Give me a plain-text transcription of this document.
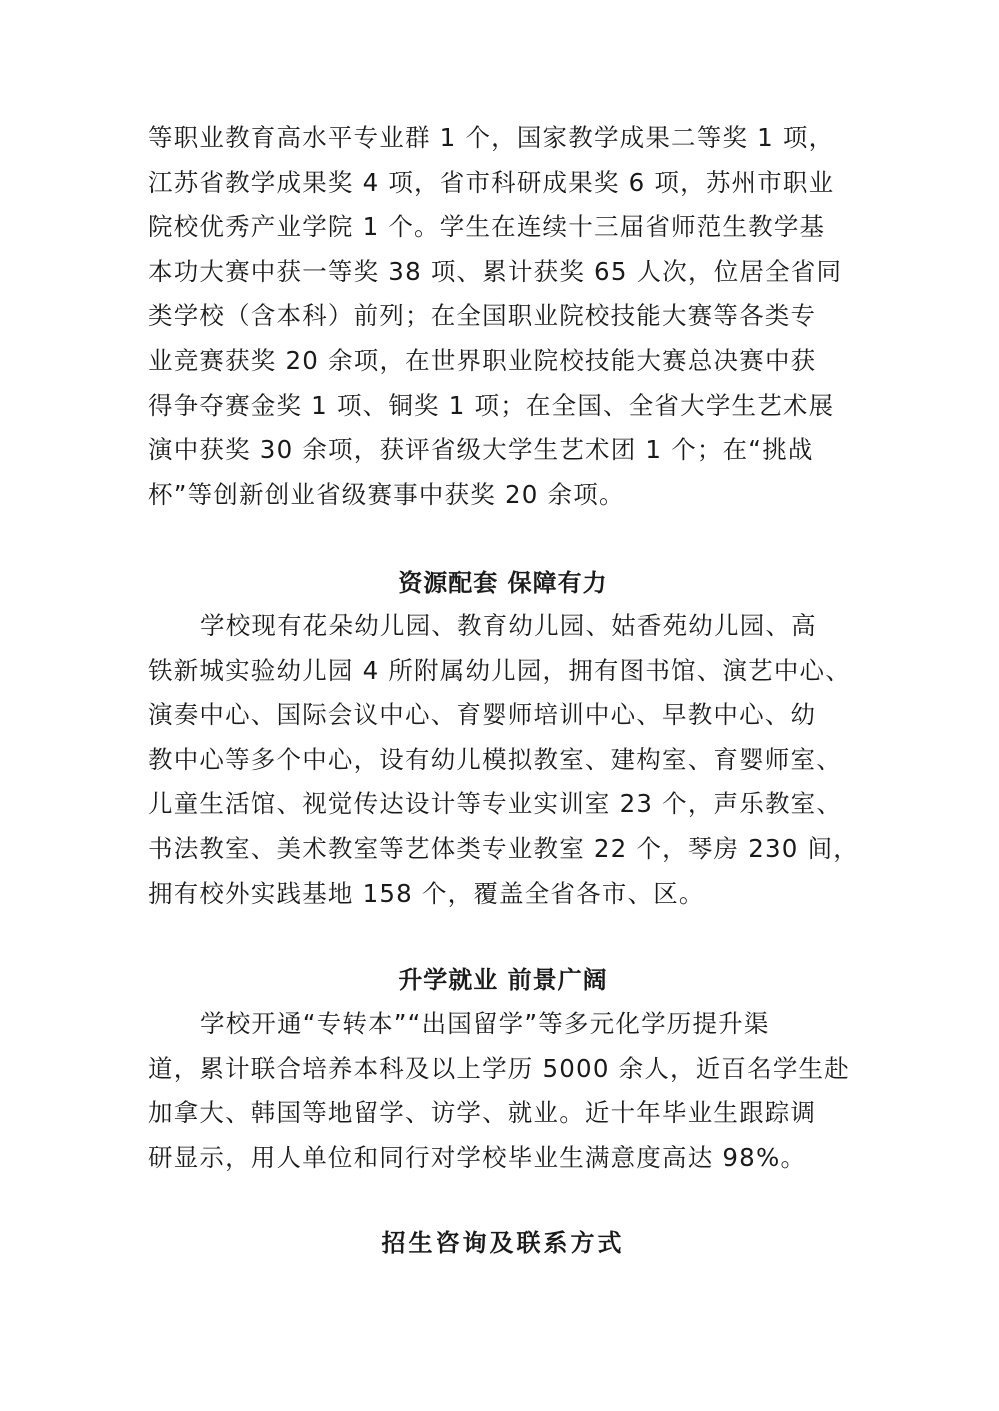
等职业教育高水平专业群 1 个，国家教学成果二等奖 1 项，
江苏省教学成果奖 4 项，省市科研成果奖 6 项，苏州市职业
院校优秀产业学院 1 个。学生在连续十三届省师范生教学基
本功大赛中获一等奖 38 项、累计获奖 65 人次，位居全省同
类学校（含本科）前列；在全国职业院校技能大赛等各类专
业竞赛获奖 20 余项，在世界职业院校技能大赛总决赛中获
得争夺赛金奖 1 项、铜奖 1 项；在全国、全省大学生艺术展
演中获奖 30 余项，获评省级大学生艺术团 1 个；在“挑战
杯”等创新创业省级赛事中获奖 20 余项。
资源配套 保障有力
学校现有花朵幼儿园、教育幼儿园、姑香苑幼儿园、高
铁新城实验幼儿园 4 所附属幼儿园，拥有图书馆、演艺中心、
演奏中心、国际会议中心、育婴师培训中心、早教中心、幼
教中心等多个中心，设有幼儿模拟教室、建构室、育婴师室、
儿童生活馆、视觉传达设计等专业实训室 23 个，声乐教室、
书法教室、美术教室等艺体类专业教室 22 个，琴房 230 间，
拥有校外实践基地 158 个，覆盖全省各市、区。
升学就业 前景广阔
学校开通“专转本”“出国留学”等多元化学历提升渠
道，累计联合培养本科及以上学历 5000 余人，近百名学生赴
加拿大、韩国等地留学、访学、就业。近十年毕业生跟踪调
研显示，用人单位和同行对学校毕业生满意度高达 98%。
招生咨询及联系方式
